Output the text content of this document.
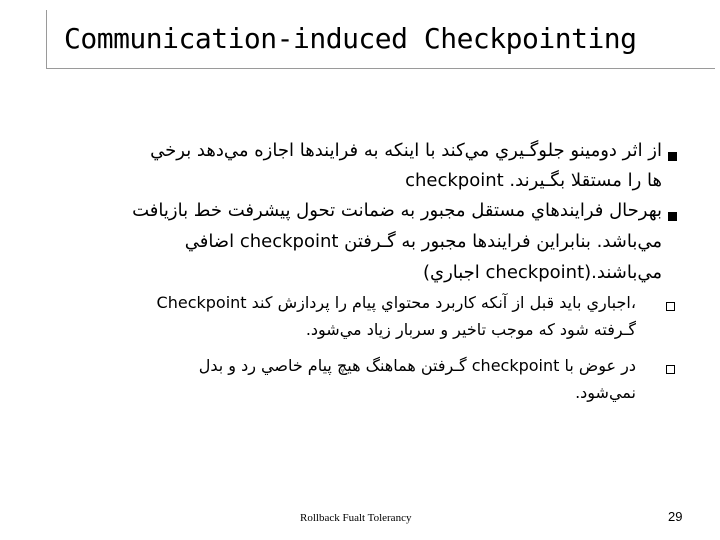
Communication-induced Checkpointing

از اثر دومینو جلوگـیري مي‌کند با اینکه به فرایندها اجازه مي‌دهد برخي

ها را مستقلا بگـیرند. checkpoint

بهرحال فرایندهاي مستقل مجبور به ضمانت تحول پیشرفت خط بازیافت

مي‌باشد. بنابراین فرایندها مجبور به گـرفتن checkpoint اضافي

مي‌باشند.(checkpoint اجباري)

Checkpoint اجباري باید قبل از آنکه کاربرد محتواي پیام را پردازش کند،

گـرفته شود که موجب تاخیر و سربار زیاد مي‌شود.

در عوض با checkpoint گـرفتن هماهنگ هیچ پیام خاصي رد و بدل

نمي‌شود.

Rollback Fualt Tolerancy	29
